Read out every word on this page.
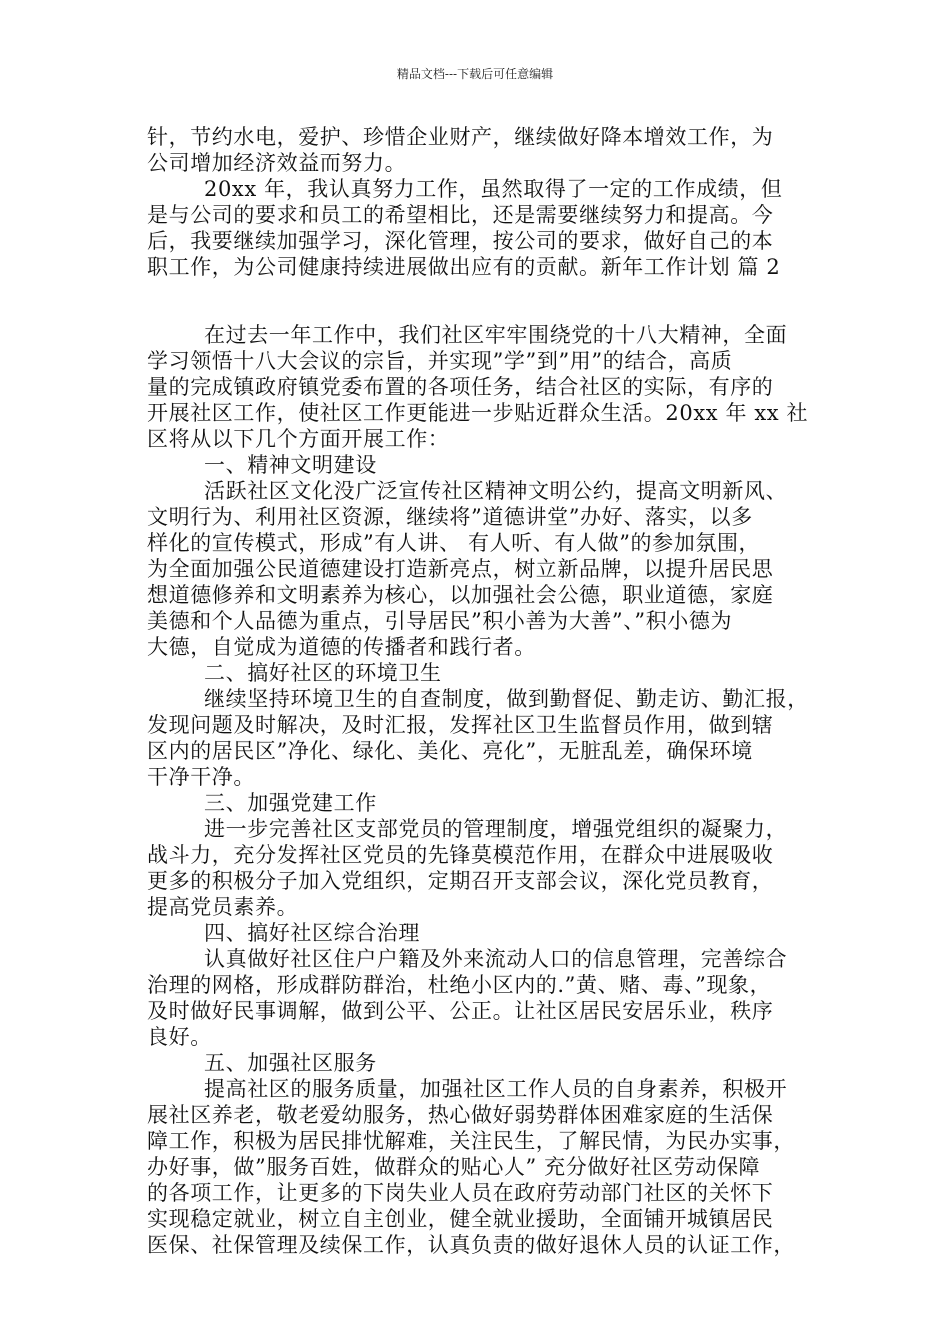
精品文档---下载后可任意编辑
针，节约水电，爱护、珍惜企业财产，继续做好降本增效工作，为
公司增加经济效益而努力。
20xx 年，我认真努力工作，虽然取得了一定的工作成绩，但
是与公司的要求和员工的希望相比，还是需要继续努力和提高。今
后，我要继续加强学习，深化管理，按公司的要求，做好自己的本
职工作，为公司健康持续进展做出应有的贡献。新年工作计划 篇 2
在过去一年工作中，我们社区牢牢围绕党的十八大精神，全面
学习领悟十八大会议的宗旨，并实现”学”到”用”的结合，高质
量的完成镇政府镇党委布置的各项任务，结合社区的实际，有序的
开展社区工作，使社区工作更能进一步贴近群众生活。20xx 年 xx 社
区将从以下几个方面开展工作：
一、精神文明建设
活跃社区文化没广泛宣传社区精神文明公约，提高文明新风、
文明行为、利用社区资源，继续将”道德讲堂”办好、落实，以多
样化的宣传模式，形成”有人讲、 有人听、有人做”的参加氛围，
为全面加强公民道德建设打造新亮点，树立新品牌，以提升居民思
想道德修养和文明素养为核心，以加强社会公德，职业道德，家庭
美德和个人品德为重点，引导居民”积小善为大善”、”积小德为
大德，自觉成为道德的传播者和践行者。
二、搞好社区的环境卫生
继续坚持环境卫生的自查制度，做到勤督促、勤走访、勤汇报，
发现问题及时解决，及时汇报，发挥社区卫生监督员作用，做到辖
区内的居民区”净化、绿化、美化、亮化”，无脏乱差，确保环境
干净干净。
三、加强党建工作
进一步完善社区支部党员的管理制度，增强党组织的凝聚力，
战斗力，充分发挥社区党员的先锋莫模范作用，在群众中进展吸收
更多的积极分子加入党组织，定期召开支部会议，深化党员教育，
提高党员素养。
四、搞好社区综合治理
认真做好社区住户户籍及外来流动人口的信息管理，完善综合
治理的网格，形成群防群治，杜绝小区内的.”黄、赌、毒、”现象，
及时做好民事调解，做到公平、公正。让社区居民安居乐业，秩序
良好。
五、加强社区服务
提高社区的服务质量，加强社区工作人员的自身素养，积极开
展社区养老，敬老爱幼服务，热心做好弱势群体困难家庭的生活保
障工作，积极为居民排忧解难，关注民生，了解民情，为民办实事，
办好事，做”服务百姓，做群众的贴心人” 充分做好社区劳动保障
的各项工作，让更多的下岗失业人员在政府劳动部门社区的关怀下
实现稳定就业，树立自主创业，健全就业援助，全面铺开城镇居民
医保、社保管理及续保工作，认真负责的做好退休人员的认证工作，
